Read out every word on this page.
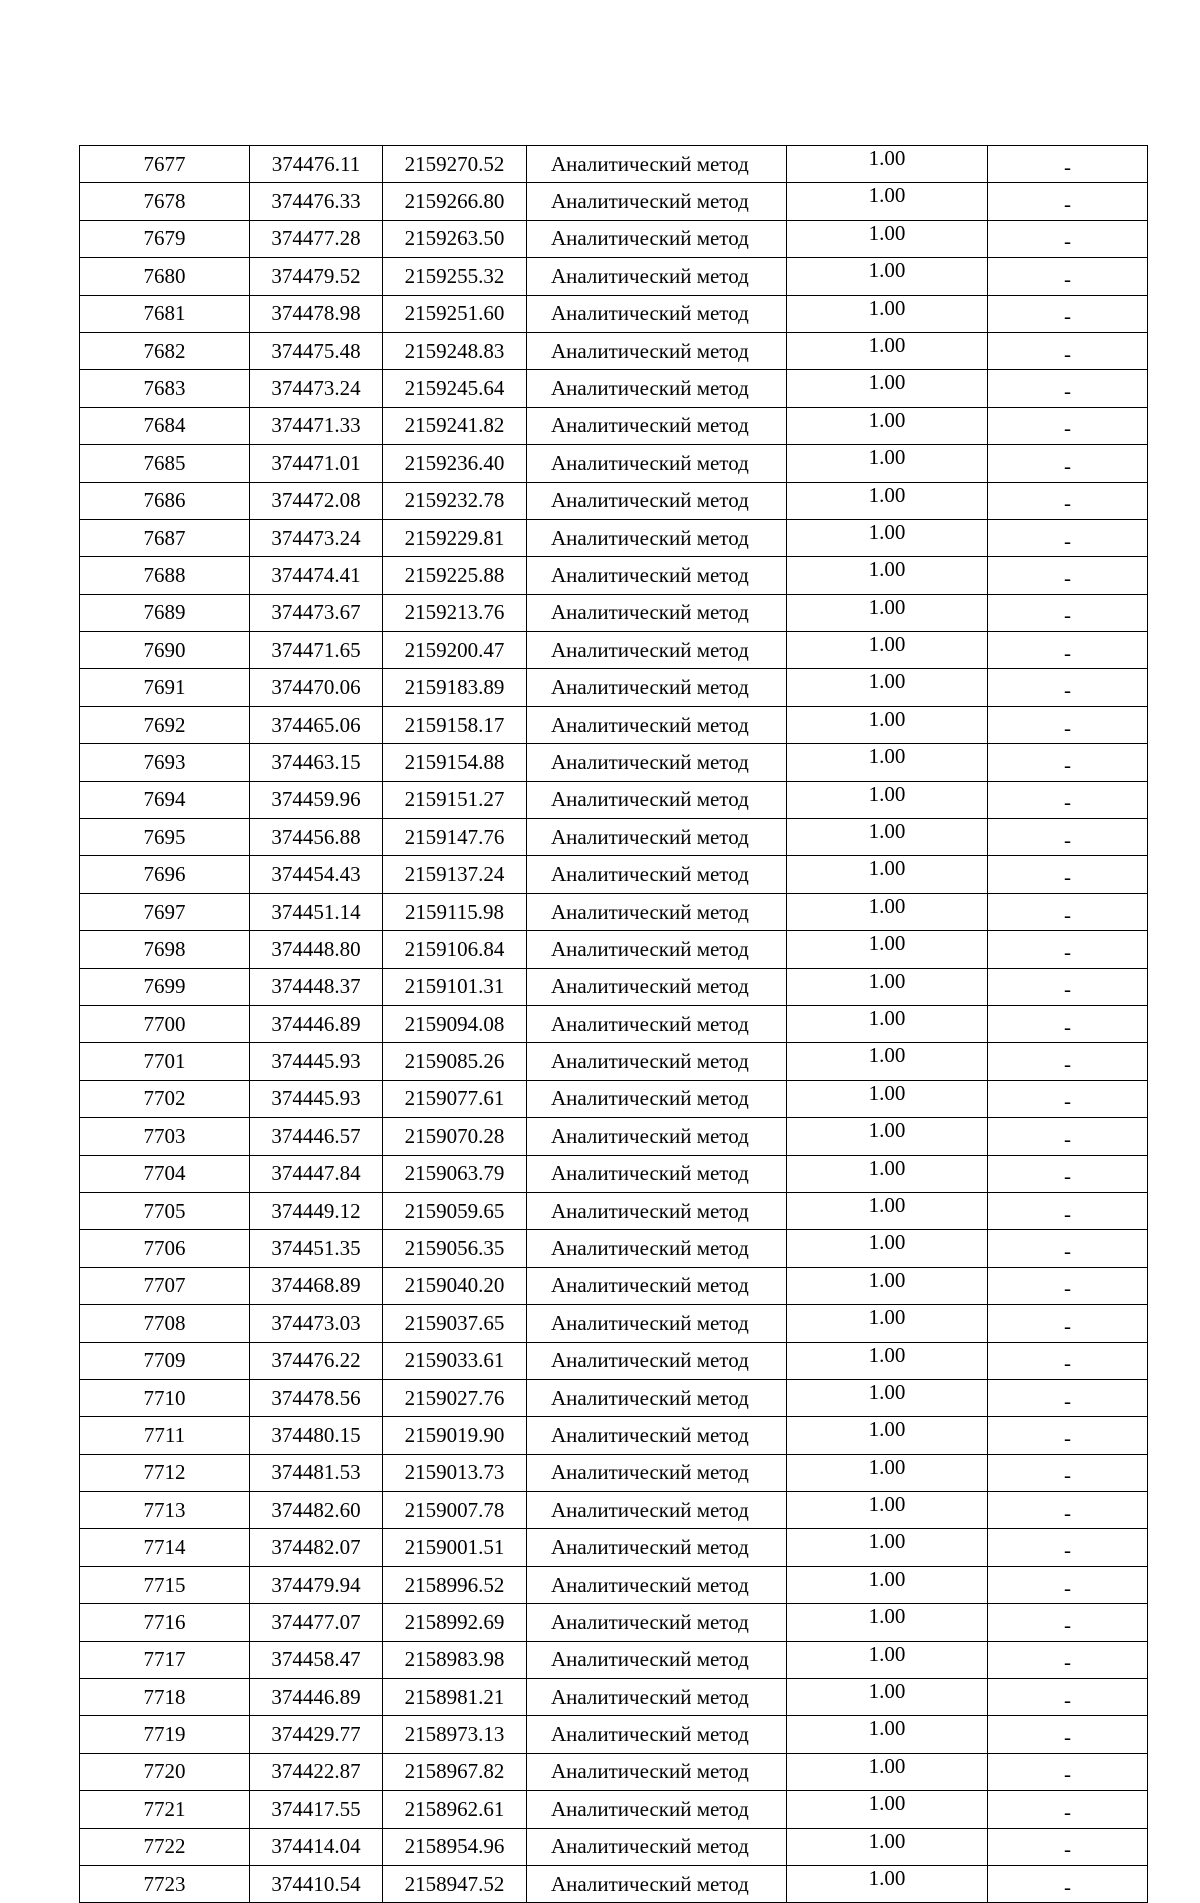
7677	374476.11	2159270.52	Аналитический метод	1.00	-
7678	374476.33	2159266.80	Аналитический метод	1.00	-
7679	374477.28	2159263.50	Аналитический метод	1.00	-
7680	374479.52	2159255.32	Аналитический метод	1.00	-
7681	374478.98	2159251.60	Аналитический метод	1.00	-
7682	374475.48	2159248.83	Аналитический метод	1.00	-
7683	374473.24	2159245.64	Аналитический метод	1.00	-
7684	374471.33	2159241.82	Аналитический метод	1.00	-
7685	374471.01	2159236.40	Аналитический метод	1.00	-
7686	374472.08	2159232.78	Аналитический метод	1.00	-
7687	374473.24	2159229.81	Аналитический метод	1.00	-
7688	374474.41	2159225.88	Аналитический метод	1.00	-
7689	374473.67	2159213.76	Аналитический метод	1.00	-
7690	374471.65	2159200.47	Аналитический метод	1.00	-
7691	374470.06	2159183.89	Аналитический метод	1.00	-
7692	374465.06	2159158.17	Аналитический метод	1.00	-
7693	374463.15	2159154.88	Аналитический метод	1.00	-
7694	374459.96	2159151.27	Аналитический метод	1.00	-
7695	374456.88	2159147.76	Аналитический метод	1.00	-
7696	374454.43	2159137.24	Аналитический метод	1.00	-
7697	374451.14	2159115.98	Аналитический метод	1.00	-
7698	374448.80	2159106.84	Аналитический метод	1.00	-
7699	374448.37	2159101.31	Аналитический метод	1.00	-
7700	374446.89	2159094.08	Аналитический метод	1.00	-
7701	374445.93	2159085.26	Аналитический метод	1.00	-
7702	374445.93	2159077.61	Аналитический метод	1.00	-
7703	374446.57	2159070.28	Аналитический метод	1.00	-
7704	374447.84	2159063.79	Аналитический метод	1.00	-
7705	374449.12	2159059.65	Аналитический метод	1.00	-
7706	374451.35	2159056.35	Аналитический метод	1.00	-
7707	374468.89	2159040.20	Аналитический метод	1.00	-
7708	374473.03	2159037.65	Аналитический метод	1.00	-
7709	374476.22	2159033.61	Аналитический метод	1.00	-
7710	374478.56	2159027.76	Аналитический метод	1.00	-
7711	374480.15	2159019.90	Аналитический метод	1.00	-
7712	374481.53	2159013.73	Аналитический метод	1.00	-
7713	374482.60	2159007.78	Аналитический метод	1.00	-
7714	374482.07	2159001.51	Аналитический метод	1.00	-
7715	374479.94	2158996.52	Аналитический метод	1.00	-
7716	374477.07	2158992.69	Аналитический метод	1.00	-
7717	374458.47	2158983.98	Аналитический метод	1.00	-
7718	374446.89	2158981.21	Аналитический метод	1.00	-
7719	374429.77	2158973.13	Аналитический метод	1.00	-
7720	374422.87	2158967.82	Аналитический метод	1.00	-
7721	374417.55	2158962.61	Аналитический метод	1.00	-
7722	374414.04	2158954.96	Аналитический метод	1.00	-
7723	374410.54	2158947.52	Аналитический метод	1.00	-
